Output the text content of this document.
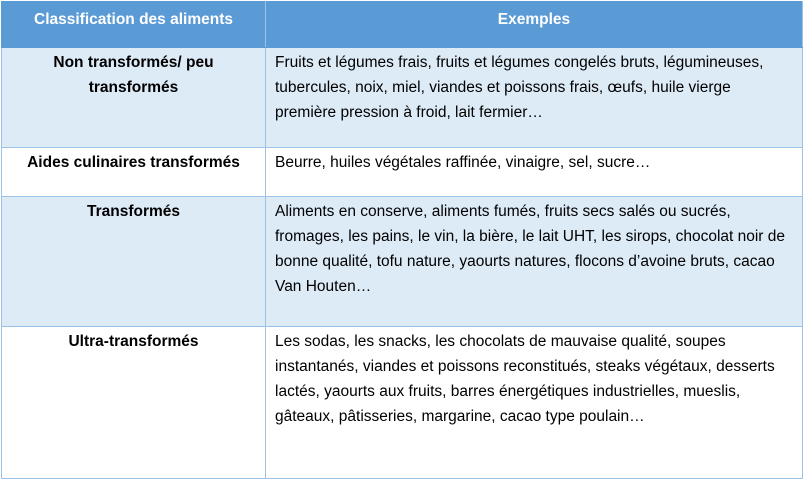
Classification des aliments	Exemples
Non transformés/ peu transformés	Fruits et légumes frais, fruits et légumes congelés bruts, légumineuses, tubercules, noix, miel, viandes et poissons frais, œufs, huile vierge première pression à froid, lait fermier…
Aides culinaires transformés	Beurre, huiles végétales raffinée, vinaigre, sel, sucre…
Transformés	Aliments en conserve, aliments fumés, fruits secs salés ou sucrés, fromages, les pains, le vin, la bière, le lait UHT, les sirops, chocolat noir de bonne qualité, tofu nature, yaourts natures, flocons d’avoine bruts, cacao Van Houten…
Ultra-transformés	Les sodas, les snacks, les chocolats de mauvaise qualité, soupes instantanés, viandes et poissons reconstitués, steaks végétaux, desserts lactés, yaourts aux fruits, barres énergétiques industrielles, mueslis, gâteaux, pâtisseries, margarine, cacao type poulain…
